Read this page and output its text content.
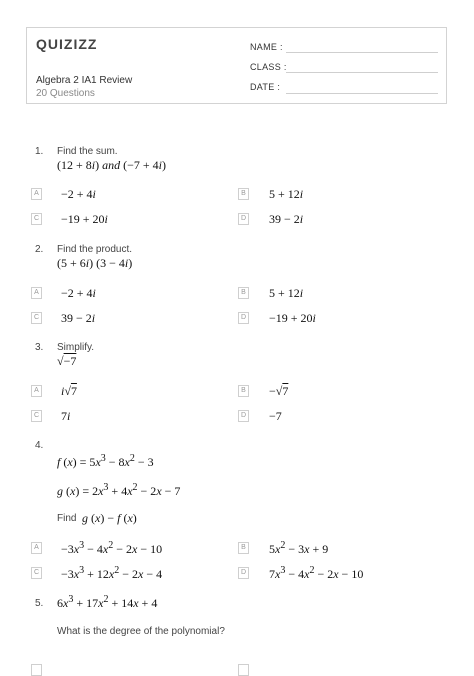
QUIZIZZ
Algebra 2 IA1 Review
20 Questions
NAME :
CLASS :
DATE :
1. Find the sum.
(12 + 8i) and (−7 + 4i)
A −2 + 4i	B 5 + 12i
C −19 + 20i	D 39 − 2i
2. Find the product.
(5 + 6i) (3 − 4i)
A −2 + 4i	B 5 + 12i
C 39 − 2i	D −19 + 20i
3. Simplify.
√−7
A i√7	B −√7
C 7i	D −7
4.
f $(x) = 5x^3 - 8x^2 - 3$
g $(x) = 2x^3 + 4x^2 - 2x - 7$
Find g (x) − f (x)
$A -3x^3 - 4x^2 - 2x - 10$	B $5x^2 - 3x + 9$
$C -3x^3 + 12x^2 - 2x - 4$	D $7x^3 - 4x^2 - 2x - 10$
5. $6x^3 + 17x^2 + 14x + 4$
What is the degree of the polynomial?
